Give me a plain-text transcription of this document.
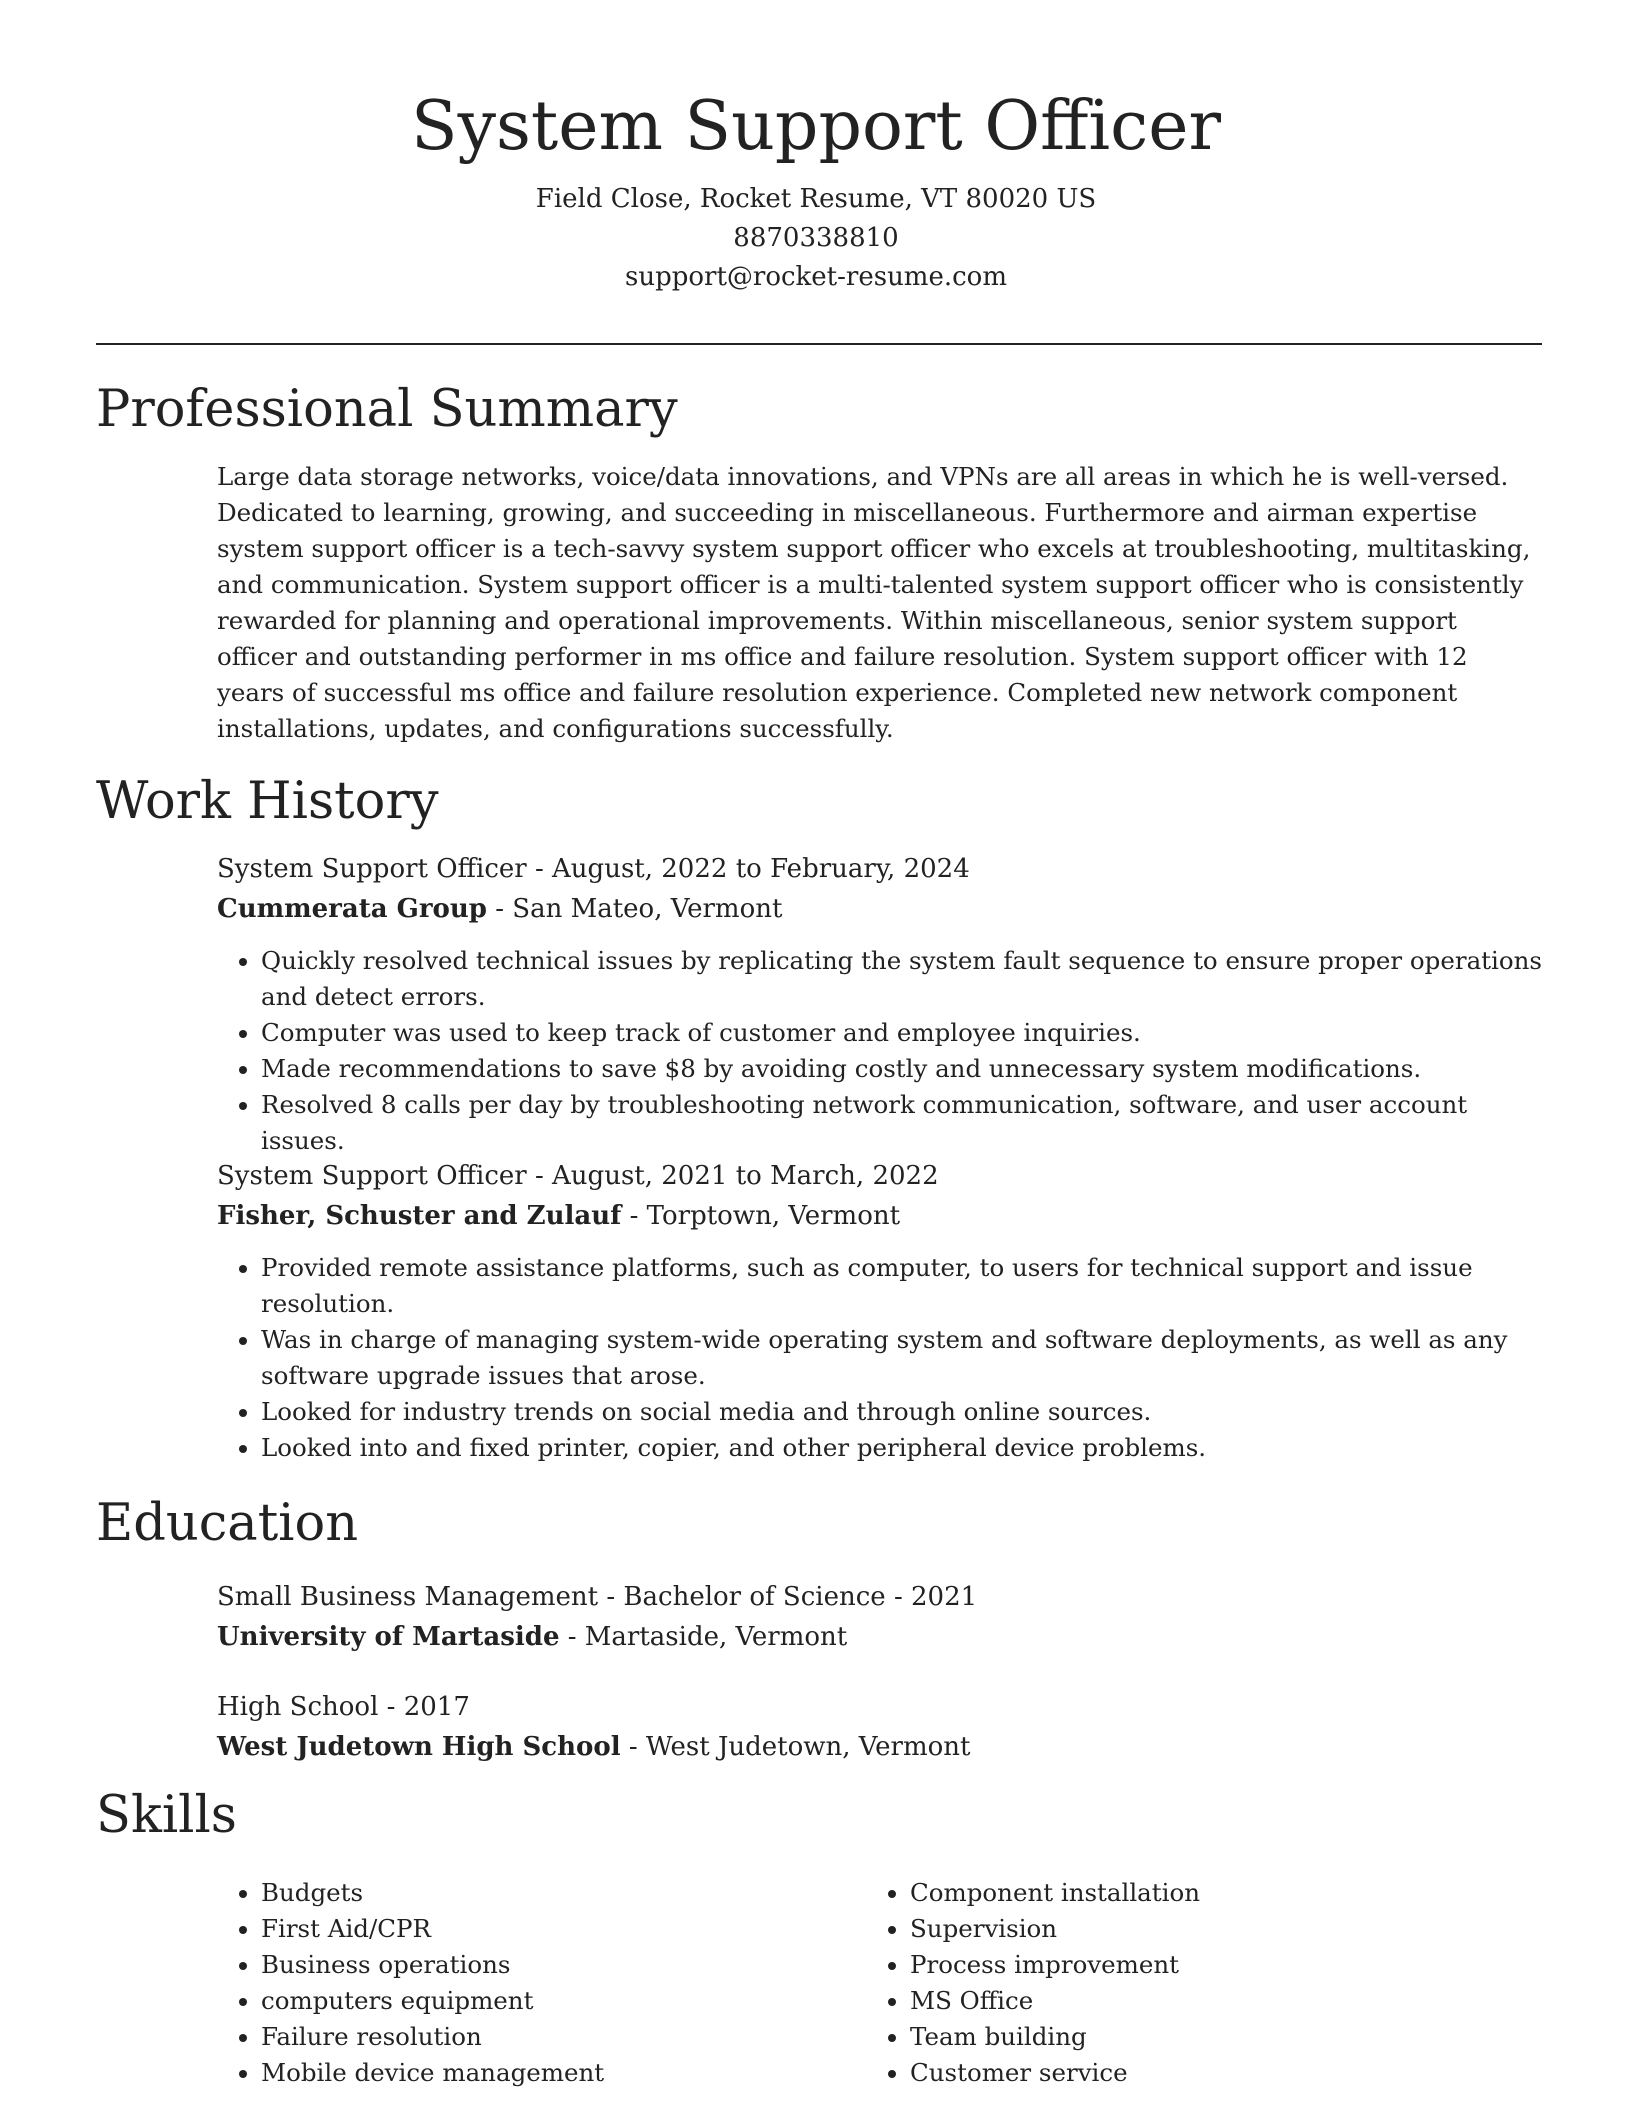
System Support Officer
Field Close, Rocket Resume, VT 80020 US
8870338810
support@rocket-resume.com
Professional Summary

Large data storage networks, voice/data innovations, and VPNs are all areas in which he is well-versed. Dedicated to learning, growing, and succeeding in miscellaneous. Furthermore and airman expertise system support officer is a tech-savvy system support officer who excels at troubleshooting, multitasking, and communication. System support officer is a multi-talented system support officer who is consistently rewarded for planning and operational improvements. Within miscellaneous, senior system support officer and outstanding performer in ms office and failure resolution. System support officer with 12 years of successful ms office and failure resolution experience. Completed new network component installations, updates, and configurations successfully.

Work History
System Support Officer - August, 2022 to February, 2024
Cummerata Group - San Mateo, Vermont
• Quickly resolved technical issues by replicating the system fault sequence to ensure proper operations and detect errors.
• Computer was used to keep track of customer and employee inquiries.
• Made recommendations to save $8 by avoiding costly and unnecessary system modifications.
• Resolved 8 calls per day by troubleshooting network communication, software, and user account issues.
System Support Officer - August, 2021 to March, 2022
Fisher, Schuster and Zulauf - Torptown, Vermont
• Provided remote assistance platforms, such as computer, to users for technical support and issue resolution.
• Was in charge of managing system-wide operating system and software deployments, as well as any software upgrade issues that arose.
• Looked for industry trends on social media and through online sources.
• Looked into and fixed printer, copier, and other peripheral device problems.
Education
Small Business Management - Bachelor of Science - 2021
University of Martaside - Martaside, Vermont
High School - 2017
West Judetown High School - West Judetown, Vermont
Skills
• Budgets
• First Aid/CPR
• Business operations
• computers equipment
• Failure resolution
• Mobile device management
• Component installation
• Supervision
• Process improvement
• MS Office
• Team building
• Customer service
